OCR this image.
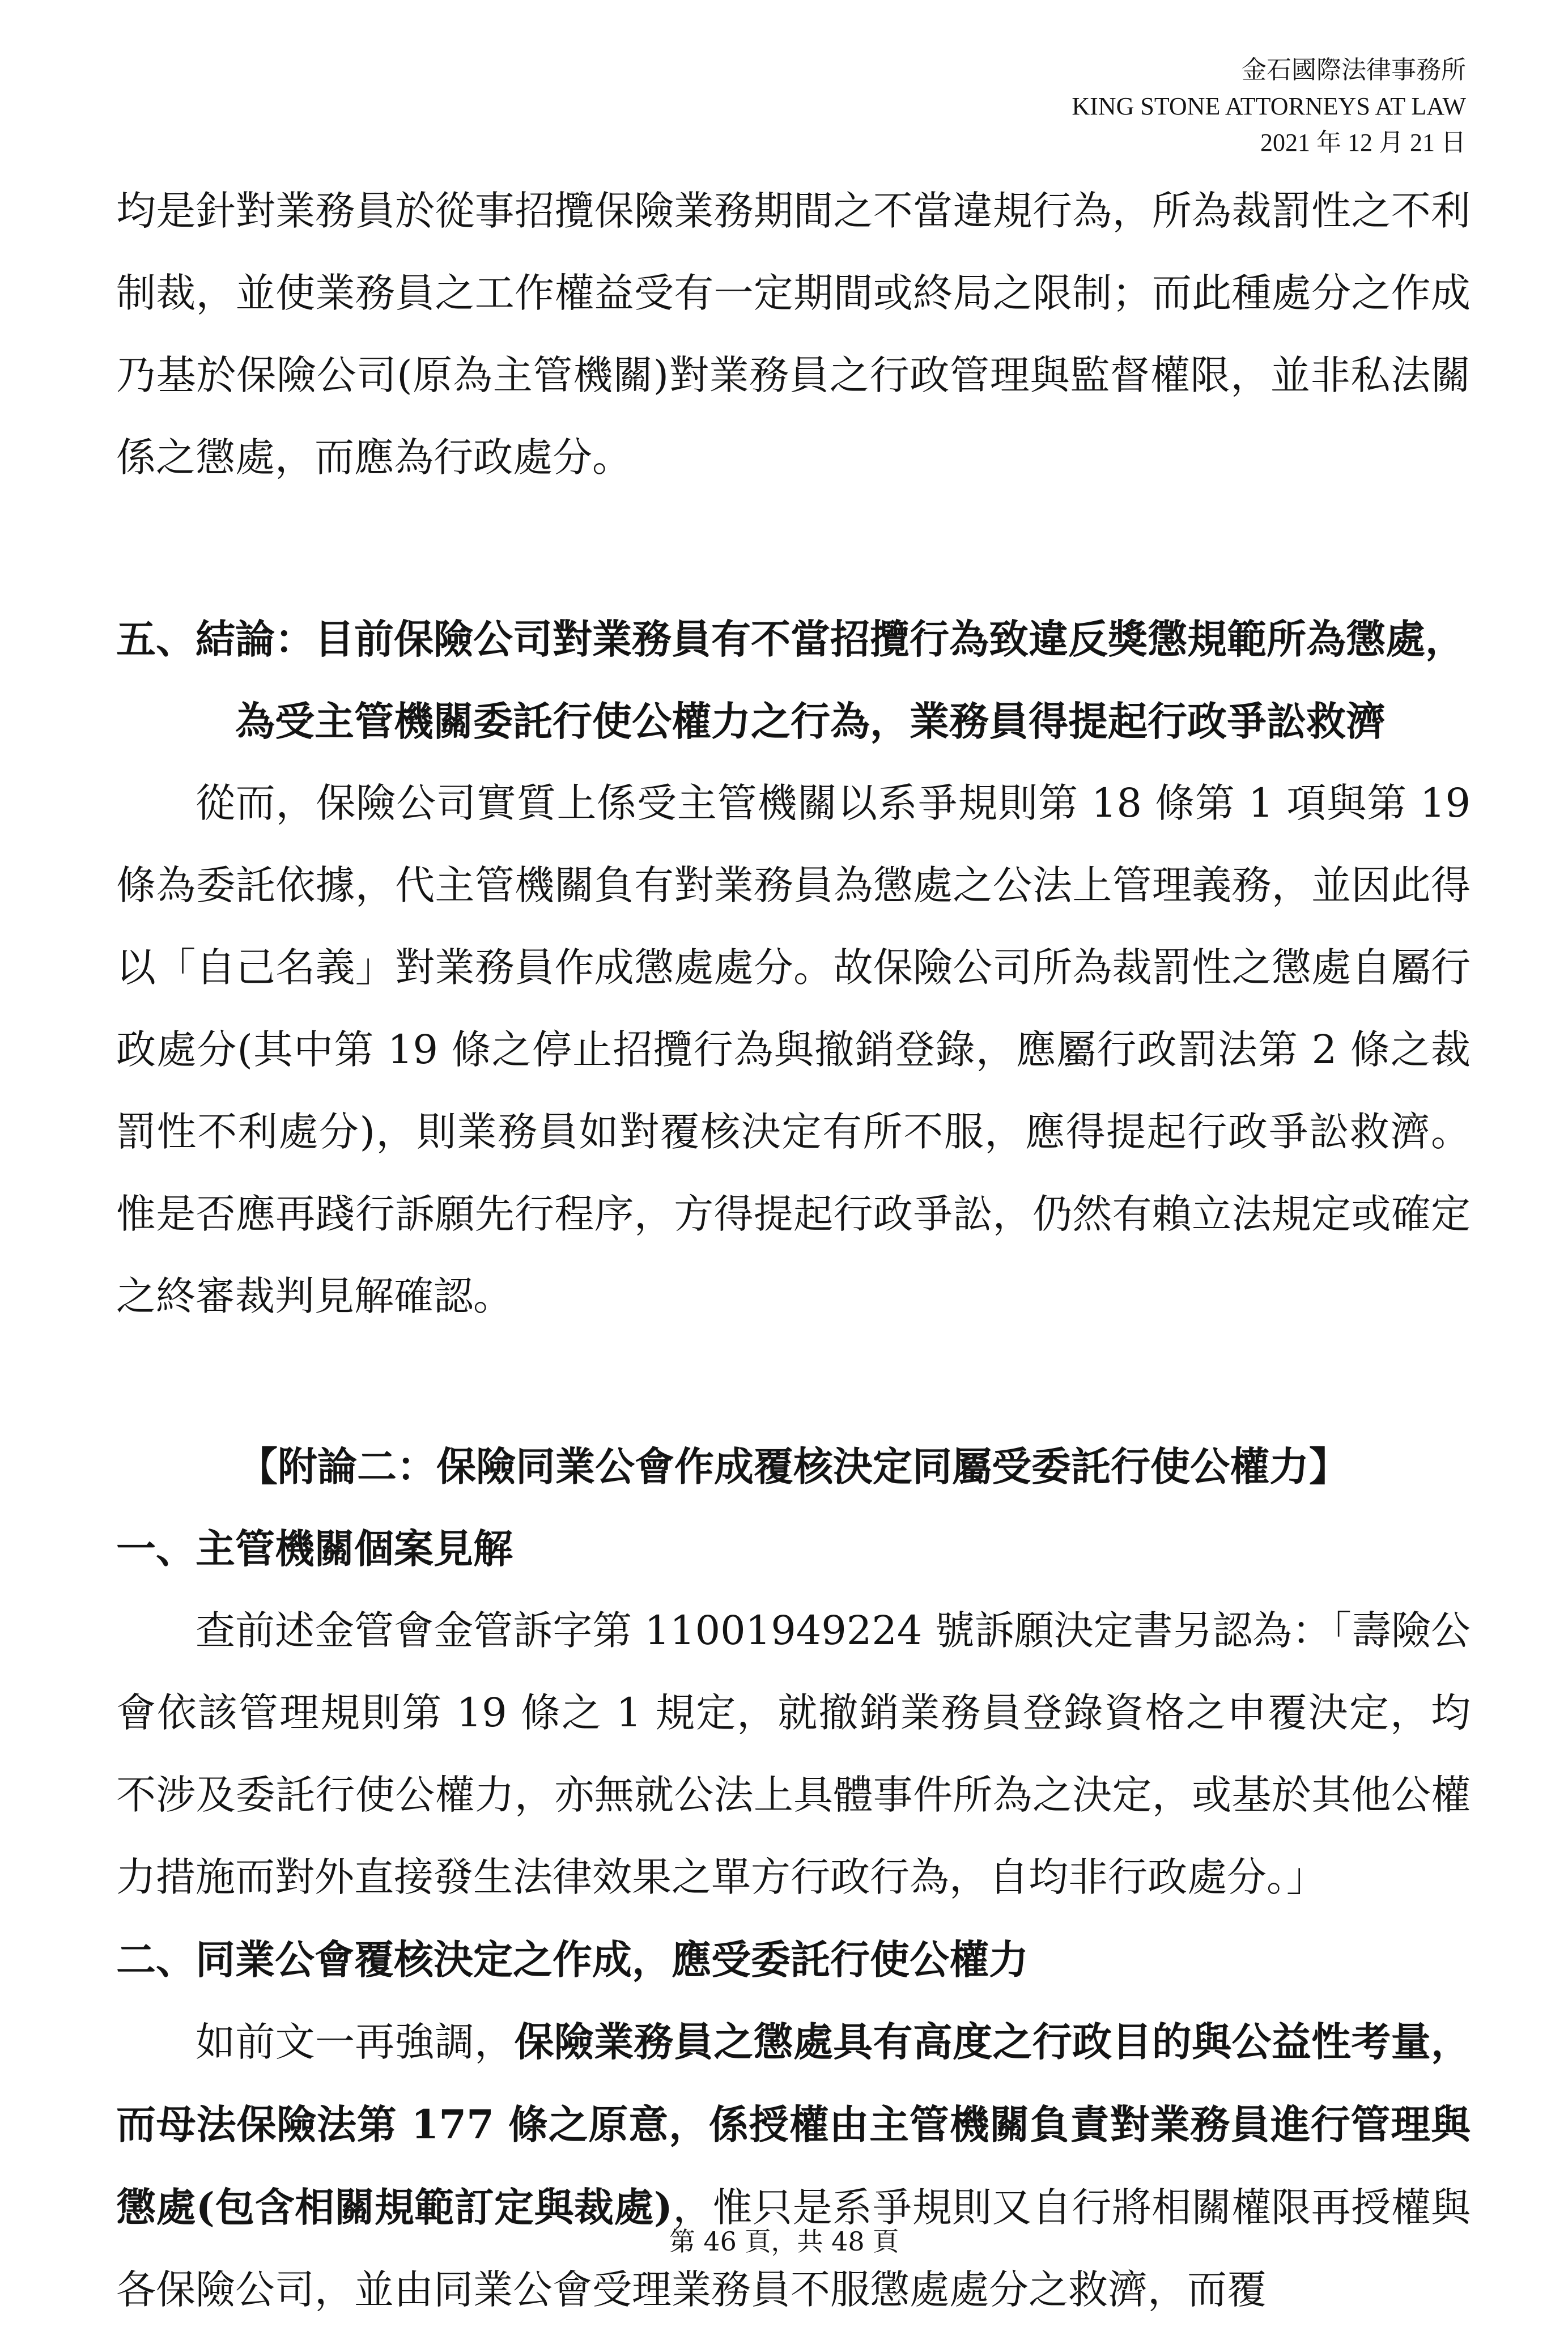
金石國際法律事務所
KING STONE ATTORNEYS AT LAW
2021 年 12 月 21 日

均是針對業務員於從事招攬保險業務期間之不當違規行為，所為裁罰性之不利制裁，並使業務員之工作權益受有一定期間或終局之限制；而此種處分之作成乃基於保險公司(原為主管機關)對業務員之行政管理與監督權限，並非私法關係之懲處，而應為行政處分。

五、結論：目前保險公司對業務員有不當招攬行為致違反獎懲規範所為懲處，為受主管機關委託行使公權力之行為，業務員得提起行政爭訟救濟

從而，保險公司實質上係受主管機關以系爭規則第 18 條第 1 項與第 19 條為委託依據，代主管機關負有對業務員為懲處之公法上管理義務，並因此得以「自己名義」對業務員作成懲處處分。故保險公司所為裁罰性之懲處自屬行政處分(其中第 19 條之停止招攬行為與撤銷登錄，應屬行政罰法第 2 條之裁罰性不利處分)，則業務員如對覆核決定有所不服，應得提起行政爭訟救濟。惟是否應再踐行訴願先行程序，方得提起行政爭訟，仍然有賴立法規定或確定之終審裁判見解確認。

【附論二：保險同業公會作成覆核決定同屬受委託行使公權力】

一、主管機關個案見解

查前述金管會金管訴字第 11001949224 號訴願決定書另認為：「壽險公會依該管理規則第 19 條之 1 規定，就撤銷業務員登錄資格之申覆決定，均不涉及委託行使公權力，亦無就公法上具體事件所為之決定，或基於其他公權力措施而對外直接發生法律效果之單方行政行為，自均非行政處分。」

二、同業公會覆核決定之作成，應受委託行使公權力

如前文一再強調，保險業務員之懲處具有高度之行政目的與公益性考量，而母法保險法第 177 條之原意，係授權由主管機關負責對業務員進行管理與懲處(包含相關規範訂定與裁處)，惟只是系爭規則又自行將相關權限再授權與各保險公司，並由同業公會受理業務員不服懲處處分之救濟，而覆

第 46 頁，共 48 頁
